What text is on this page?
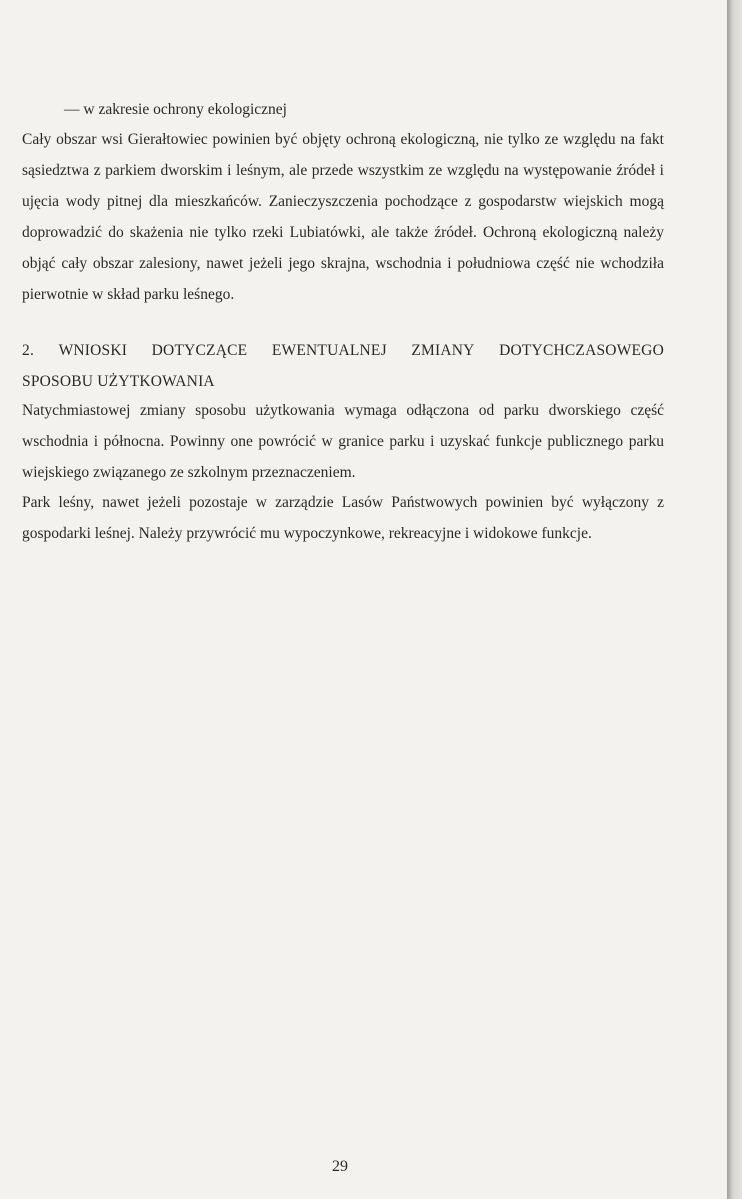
— w zakresie ochrony ekologicznej

Cały obszar wsi Gierałtowiec powinien być objęty ochroną ekologiczną, nie tylko ze względu na fakt sąsiedztwa z parkiem dworskim i leśnym, ale przede wszystkim ze względu na występowanie źródeł i ujęcia wody pitnej dla mieszkańców. Zanieczyszczenia pochodzące z gospodarstw wiejskich mogą doprowadzić do skażenia nie tylko rzeki Lubiatówki, ale także źródeł. Ochroną ekologiczną należy objąć cały obszar zalesiony, nawet jeżeli jego skrajna, wschodnia i południowa część nie wchodziła pierwotnie w skład parku leśnego.

2. WNIOSKI DOTYCZĄCE EWENTUALNEJ ZMIANY DOTYCHCZASOWEGO
SPOSOBU UŻYTKOWANIA

Natychmiastowej zmiany sposobu użytkowania wymaga odłączona od parku dworskiego część wschodnia i północna. Powinny one powrócić w granice parku i uzyskać funkcje publicznego parku wiejskiego związanego ze szkolnym przeznaczeniem.

Park leśny, nawet jeżeli pozostaje w zarządzie Lasów Państwowych powinien być wyłączony z gospodarki leśnej. Należy przywrócić mu wypoczynkowe, rekreacyjne i widokowe funkcje.

29
